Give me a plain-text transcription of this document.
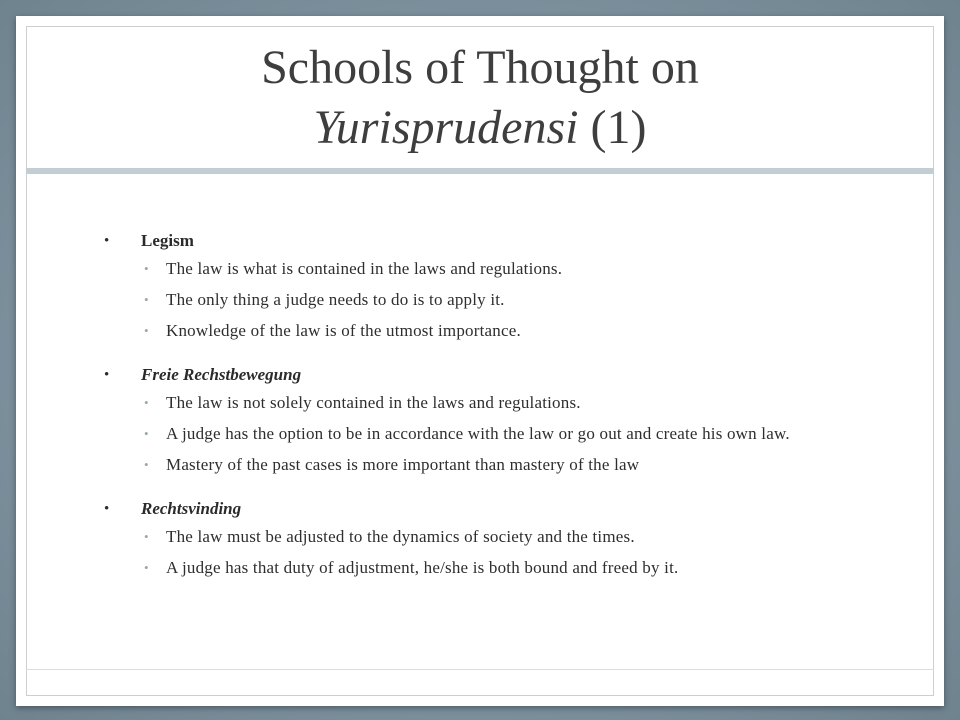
Schools of Thought on
Yurisprudensi (1)
• Legism
• The law is what is contained in the laws and regulations.
• The only thing a judge needs to do is to apply it.
• Knowledge of the law is of the utmost importance.
• Freie Rechstbewegung
• The law is not solely contained in the laws and regulations.
• A judge has the option to be in accordance with the law or go out and create his own law.
• Mastery of the past cases is more important than mastery of the law
• Rechtsvinding
• The law must be adjusted to the dynamics of society and the times.
• A judge has that duty of adjustment, he/she is both bound and freed by it.
